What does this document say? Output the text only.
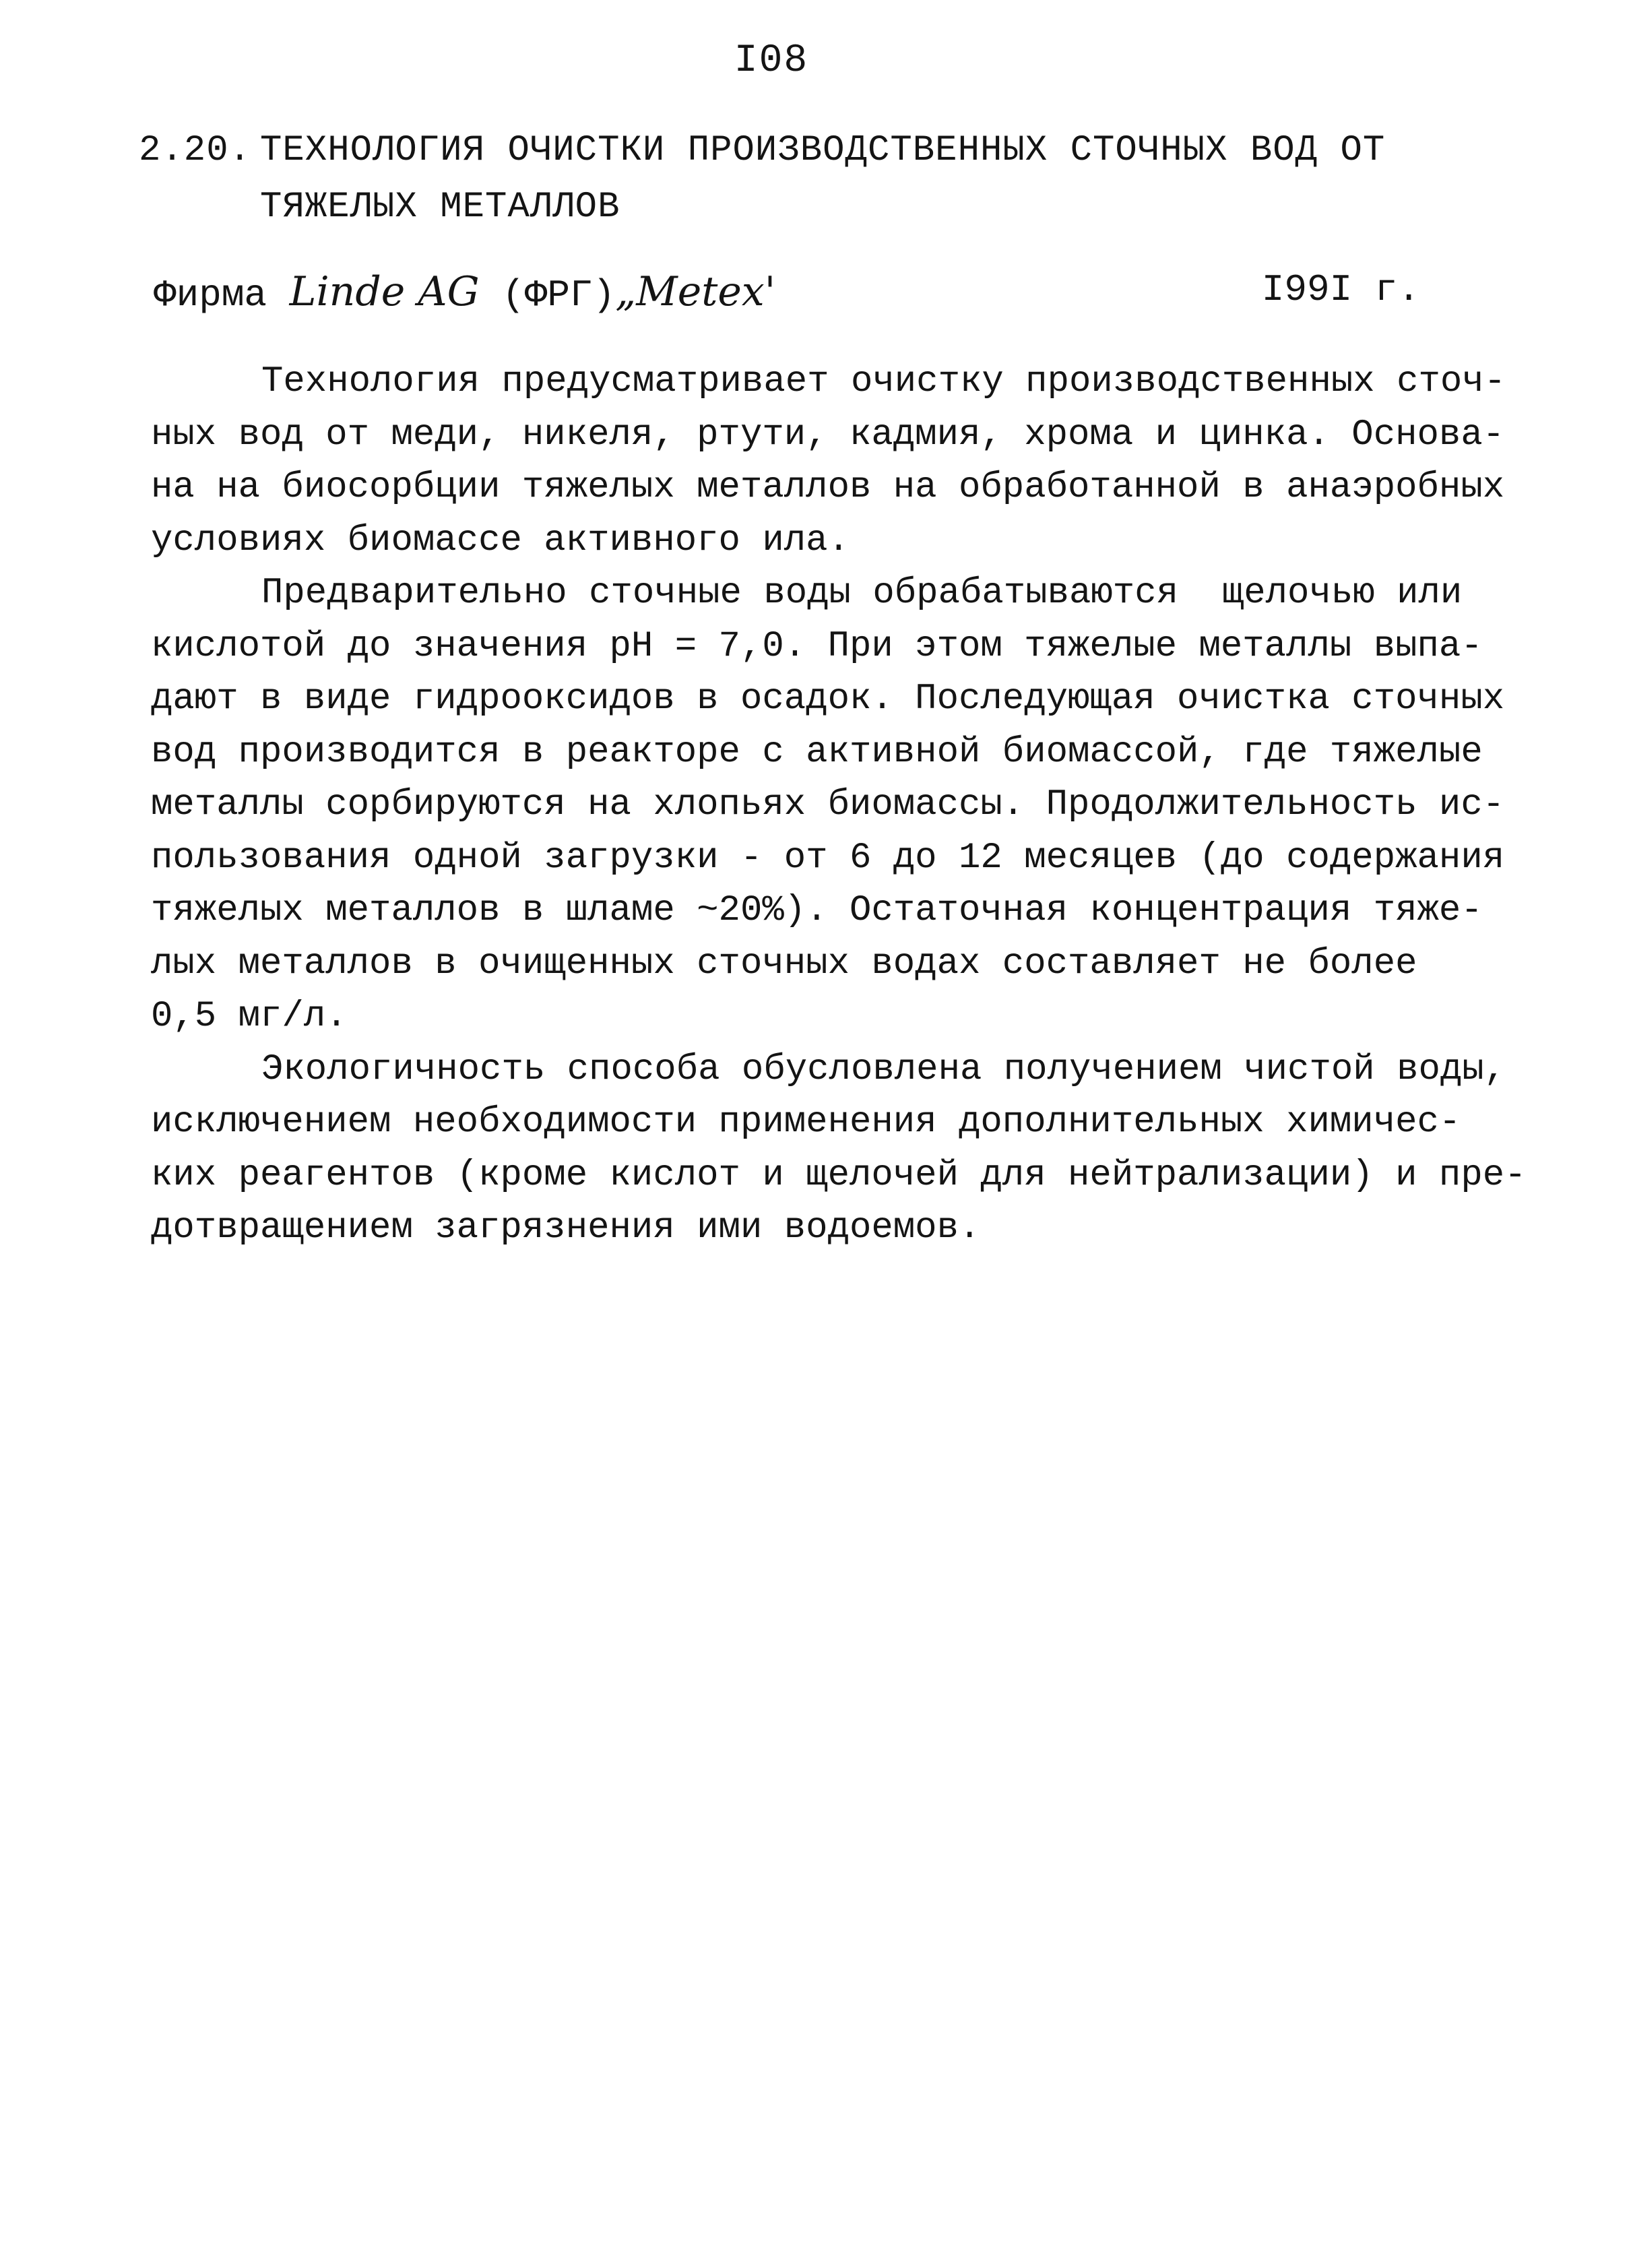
I08
2.20. ТЕХНОЛОГИЯ ОЧИСТКИ ПРОИЗВОДСТВЕННЫХ СТОЧНЫХ ВОД ОТ
ТЯЖЕЛЫХ МЕТАЛЛОВ
Фирма Linde AG (ФРГ)„Metex'	I99I г.
Технология предусматривает очистку производственных сточ-
ных вод от меди, никеля, ртути, кадмия, хрома и цинка. Основа-
на на биосорбции тяжелых металлов на обработанной в анаэробных
условиях биомассе активного ила.
Предварительно сточные воды обрабатываются  щелочью или
кислотой до значения pH = 7,0. При этом тяжелые металлы выпа-
дают в виде гидрооксидов в осадок. Последующая очистка сточных
вод производится в реакторе с активной биомассой, где тяжелые
металлы сорбируются на хлопьях биомассы. Продолжительность ис-
пользования одной загрузки - от 6 до 12 месяцев (до содержания
тяжелых металлов в шламе ~20%). Остаточная концентрация тяже-
лых металлов в очищенных сточных водах составляет не более
0,5 мг/л.
Экологичность способа обусловлена получением чистой воды,
исключением необходимости применения дополнительных химичес-
ких реагентов (кроме кислот и щелочей для нейтрализации) и пре-
дотвращением загрязнения ими водоемов.
